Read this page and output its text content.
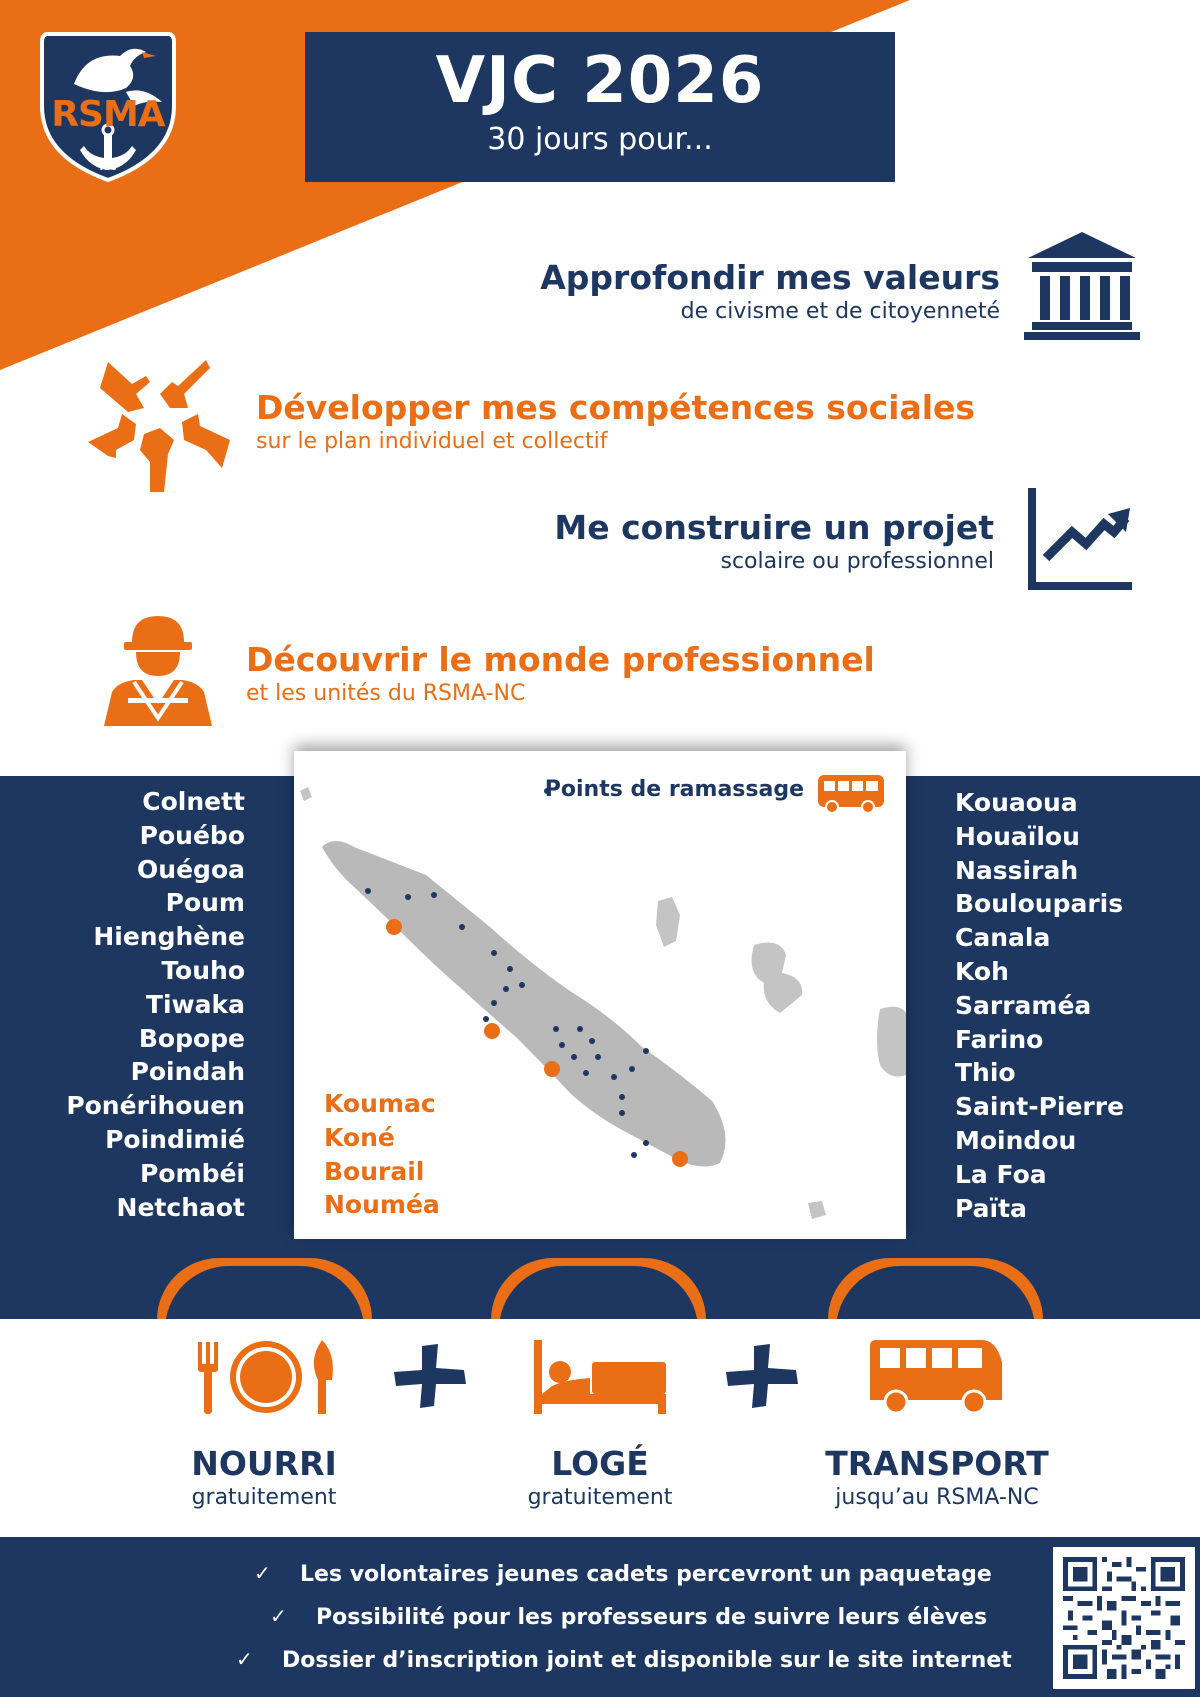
RSMA
NC
VJC 2026
30 jours pour...
Approfondir mes valeurs
de civisme et de citoyenneté
Développer mes compétences sociales
sur le plan individuel et collectif
Me construire un projet
scolaire ou professionnel
Découvrir le monde professionnel
et les unités du RSMA-NC
Colnett
Pouébo
Ouégoa
Poum
Hienghène
Touho
Tiwaka
Bopope
Poindah
Ponérihouen
Poindimié
Pombéi
Netchaot
Kouaoua
Houaïlou
Nassirah
Boulouparis
Canala
Koh
Sarraméa
Farino
Thio
Saint-Pierre
Moindou
La Foa
Païta
Points de ramassage
Koumac
Koné
Bourail
Nouméa
NOURRI
gratuitement
LOGÉ
gratuitement
TRANSPORT
jusqu’au RSMA-NC
✓ Les volontaires jeunes cadets percevront un paquetage
✓ Possibilité pour les professeurs de suivre leurs élèves
✓ Dossier d’inscription joint et disponible sur le site internet
